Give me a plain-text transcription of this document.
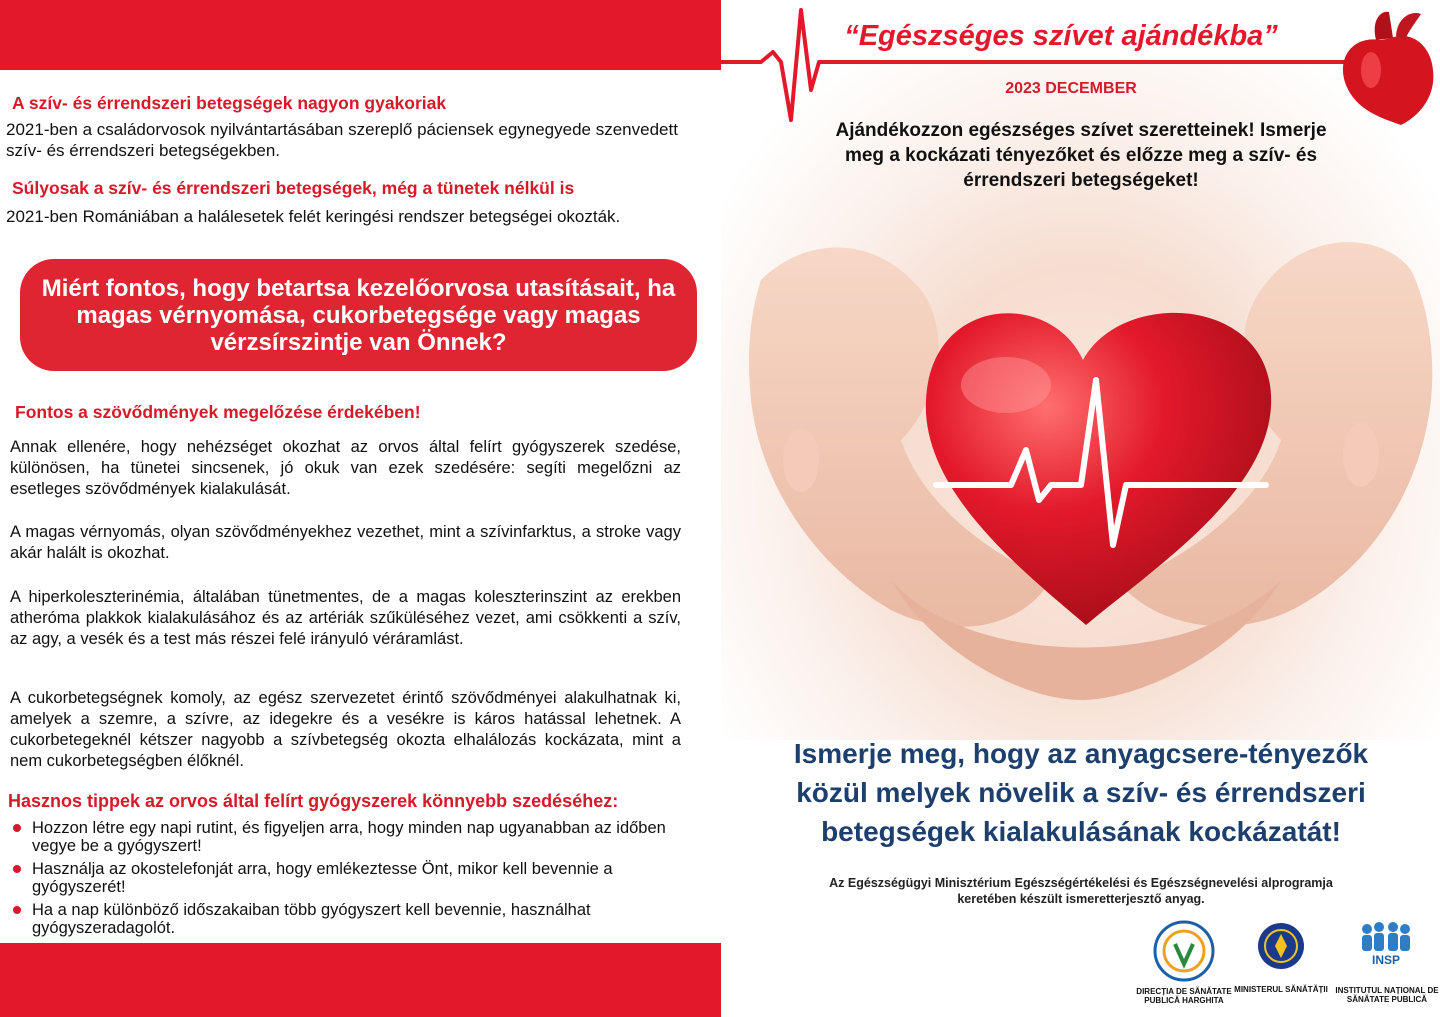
A szív- és érrendszeri betegségek nagyon gyakoriak
2021-ben a családorvosok nyilvántartásában szereplő páciensek egynegyede szenvedett szív- és érrendszeri betegségekben.
Súlyosak a szív- és érrendszeri betegségek, még a tünetek nélkül is
2021-ben Romániában a halálesetek felét keringési rendszer betegségei okozták.
Miért fontos, hogy betartsa kezelőorvosa utasításait, ha magas vérnyomása, cukorbetegsége vagy magas vérzsírszintje van Önnek?
Fontos a szövődmények megelőzése érdekében!
Annak ellenére, hogy nehézséget okozhat az orvos által felírt gyógyszerek szedése, különösen, ha tünetei sincsenek, jó okuk van ezek szedésére: segíti megelőzni az esetleges szövődmények kialakulását.
A magas vérnyomás, olyan szövődményekhez vezethet, mint a szívinfarktus, a stroke vagy akár halált is okozhat.
A hiperkoleszterinémia, általában tünetmentes, de a magas koleszterinszint az erekben atheróma plakkok kialakulásához és az artériák szűküléséhez vezet, ami csökkenti a szív, az agy, a vesék és a test más részei felé irányuló véráramlást.
A cukorbetegségnek komoly, az egész szervezetet érintő szövődményei alakulhatnak ki, amelyek a szemre, a szívre, az idegekre és a vesékre is káros hatással lehetnek. A cukorbetegeknél kétszer nagyobb a szívbetegség okozta elhalálozás kockázata, mint a nem cukorbetegségben élőknél.
Hasznos tippek az orvos által felírt gyógyszerek könnyebb szedéséhez:
Hozzon létre egy napi rutint, és figyeljen arra, hogy minden nap ugyanabban az időben vegye be a gyógyszert!
Használja az okostelefonját arra, hogy emlékeztesse Önt, mikor kell bevennie a gyógyszerét!
Ha a nap különböző időszakaiban több gyógyszert kell bevennie, használhat gyógyszeradagolót.
“Egészséges szívet ajándékba”
2023 DECEMBER
Ajándékozzon egészséges szívet szeretteinek! Ismerje meg a kockázati tényezőket és előzze meg a szív- és érrendszeri betegségeket!
Ismerje meg, hogy az anyagcsere-tényezők közül melyek növelik a szív- és érrendszeri betegségek kialakulásának kockázatát!
Az Egészségügyi Minisztérium Egészségértékelési és Egészségnevelési alprogramja keretében készült ismeretterjesztő anyag.
DIRECȚIA DE SĂNĂTATE PUBLICĂ HARGHITA
MINISTERUL SĂNĂTĂȚII
INSP
INSTITUTUL NAȚIONAL DE SĂNĂTATE PUBLICĂ
